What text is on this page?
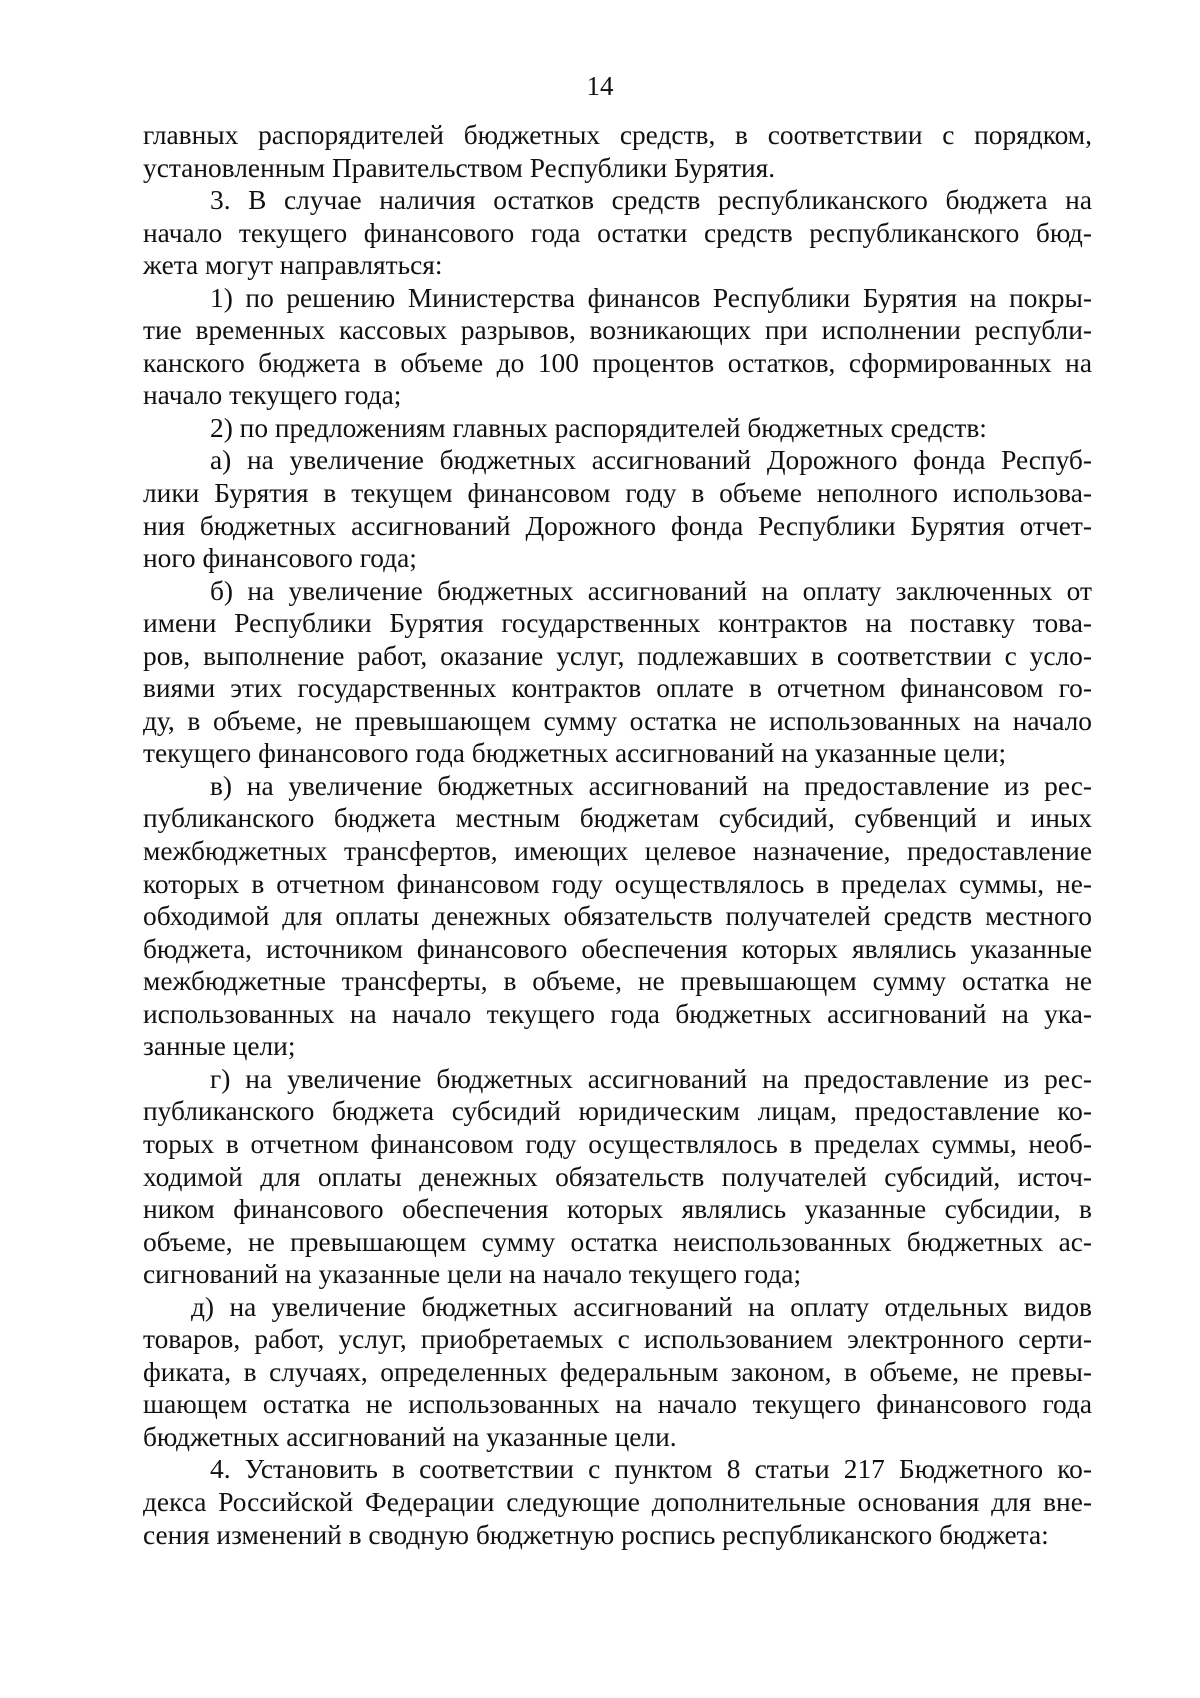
14
главных распорядителей бюджетных средств, в соответствии с порядком,
установленным Правительством Республики Бурятия.
3. В случае наличия остатков средств республиканского бюджета на
начало текущего финансового года остатки средств республиканского бюд-
жета могут направляться:
1) по решению Министерства финансов Республики Бурятия на покры-
тие временных кассовых разрывов, возникающих при исполнении республи-
канского бюджета в объеме до 100 процентов остатков, сформированных на
начало текущего года;
2) по предложениям главных распорядителей бюджетных средств:
а) на увеличение бюджетных ассигнований Дорожного фонда Респуб-
лики Бурятия в текущем финансовом году в объеме неполного использова-
ния бюджетных ассигнований Дорожного фонда Республики Бурятия отчет-
ного финансового года;
б) на увеличение бюджетных ассигнований на оплату заключенных от
имени Республики Бурятия государственных контрактов на поставку това-
ров, выполнение работ, оказание услуг, подлежавших в соответствии с усло-
виями этих государственных контрактов оплате в отчетном финансовом го-
ду, в объеме, не превышающем сумму остатка не использованных на начало
текущего финансового года бюджетных ассигнований на указанные цели;
в) на увеличение бюджетных ассигнований на предоставление из рес-
публиканского бюджета местным бюджетам субсидий, субвенций и иных
межбюджетных трансфертов, имеющих целевое назначение, предоставление
которых в отчетном финансовом году осуществлялось в пределах суммы, не-
обходимой для оплаты денежных обязательств получателей средств местного
бюджета, источником финансового обеспечения которых являлись указанные
межбюджетные трансферты, в объеме, не превышающем сумму остатка не
использованных на начало текущего года бюджетных ассигнований на ука-
занные цели;
г) на увеличение бюджетных ассигнований на предоставление из рес-
публиканского бюджета субсидий юридическим лицам, предоставление ко-
торых в отчетном финансовом году осуществлялось в пределах суммы, необ-
ходимой для оплаты денежных обязательств получателей субсидий, источ-
ником финансового обеспечения которых являлись указанные субсидии, в
объеме, не превышающем сумму остатка неиспользованных бюджетных ас-
сигнований на указанные цели на начало текущего года;
д) на увеличение бюджетных ассигнований на оплату отдельных видов
товаров, работ, услуг, приобретаемых с использованием электронного серти-
фиката, в случаях, определенных федеральным законом, в объеме, не превы-
шающем остатка не использованных на начало текущего финансового года
бюджетных ассигнований на указанные цели.
4. Установить в соответствии с пунктом 8 статьи 217 Бюджетного ко-
декса Российской Федерации следующие дополнительные основания для вне-
сения изменений в сводную бюджетную роспись республиканского бюджета:
